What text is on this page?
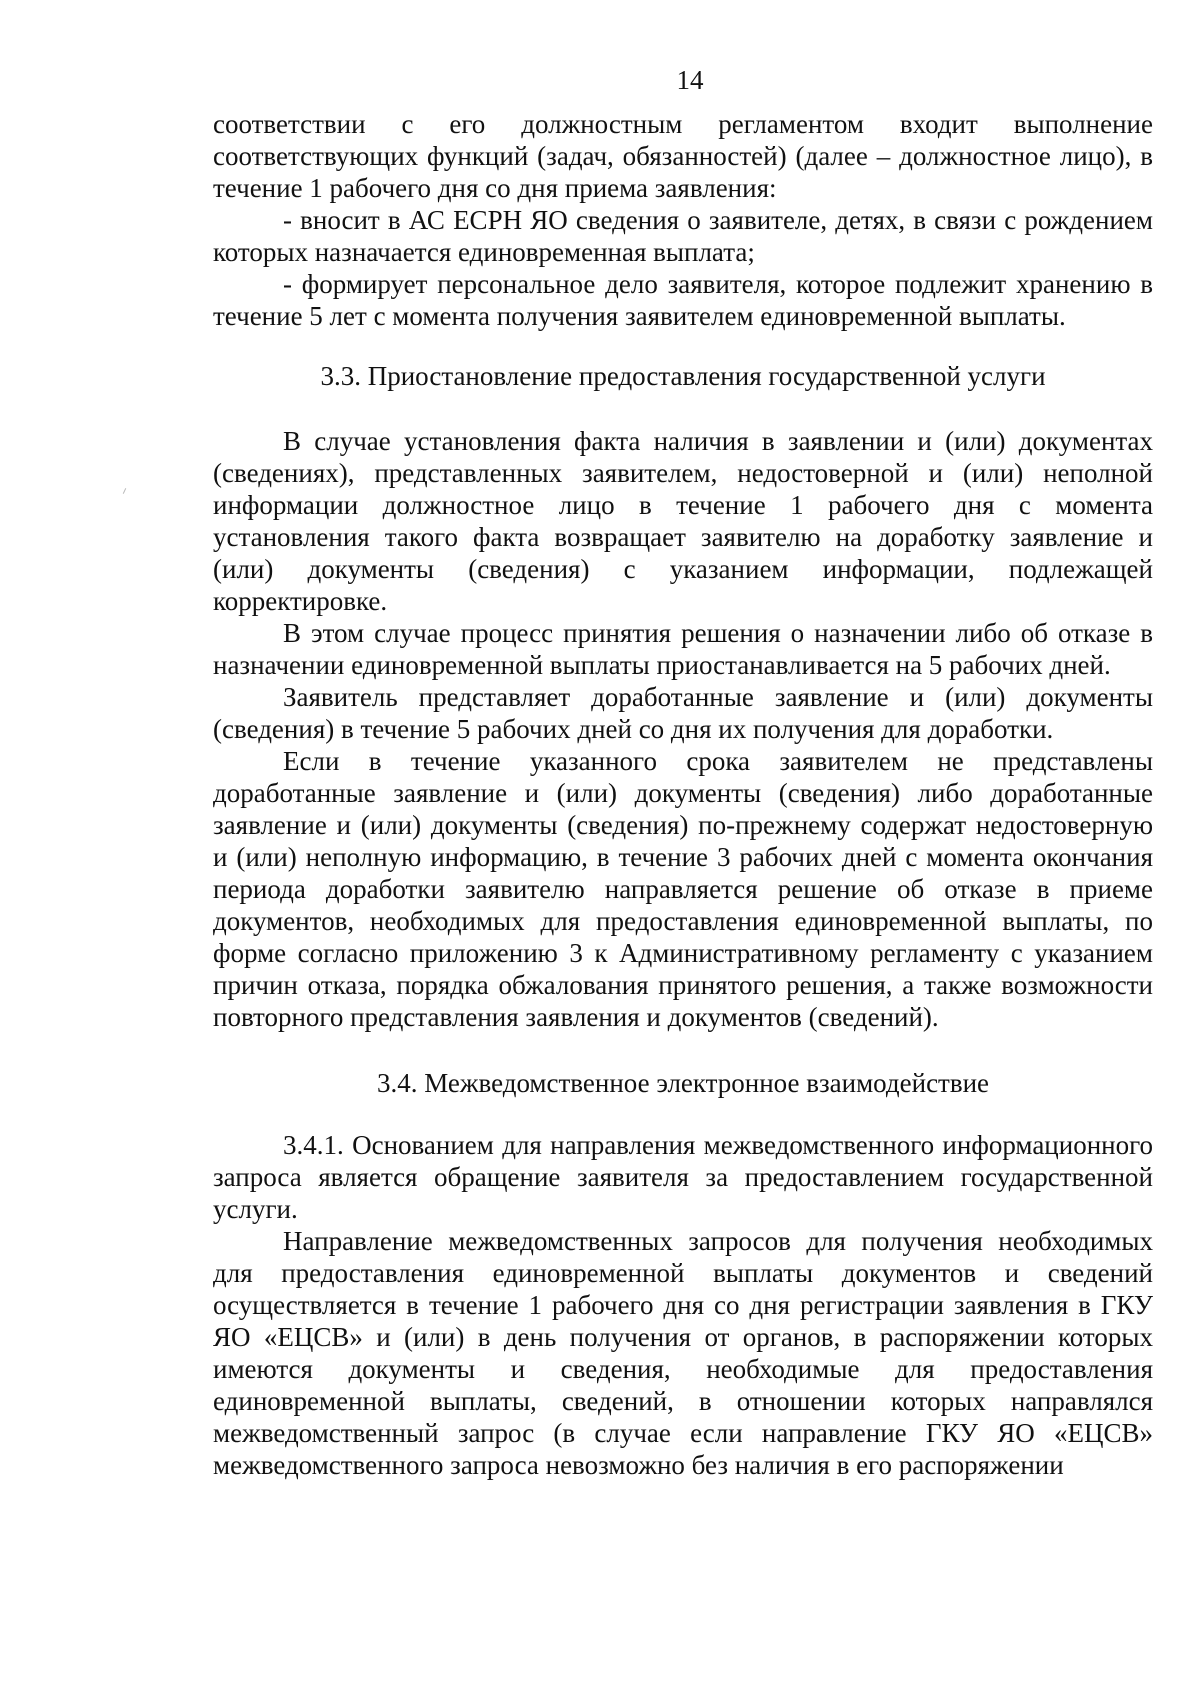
14

соответствии с его должностным регламентом входит выполнение соответствующих функций (задач, обязанностей) (далее – должностное лицо), в течение 1 рабочего дня со дня приема заявления:

- вносит в АС ЕСРН ЯО сведения о заявителе, детях, в связи с рождением которых назначается единовременная выплата;

- формирует персональное дело заявителя, которое подлежит хранению в течение 5 лет с момента получения заявителем единовременной выплаты.

3.3. Приостановление предоставления государственной услуги

В случае установления факта наличия в заявлении и (или) документах (сведениях), представленных заявителем, недостоверной и (или) неполной информации должностное лицо в течение 1 рабочего дня с момента установления такого факта возвращает заявителю на доработку заявление и (или) документы (сведения) с указанием информации, подлежащей корректировке.

В этом случае процесс принятия решения о назначении либо об отказе в назначении единовременной выплаты приостанавливается на 5 рабочих дней.

Заявитель представляет доработанные заявление и (или) документы (сведения) в течение 5 рабочих дней со дня их получения для доработки.

Если в течение указанного срока заявителем не представлены доработанные заявление и (или) документы (сведения) либо доработанные заявление и (или) документы (сведения) по-прежнему содержат недостоверную и (или) неполную информацию, в течение 3 рабочих дней с момента окончания периода доработки заявителю направляется решение об отказе в приеме документов, необходимых для предоставления единовременной выплаты, по форме согласно приложению 3 к Административному регламенту с указанием причин отказа, порядка обжалования принятого решения, а также возможности повторного представления заявления и документов (сведений).

3.4. Межведомственное электронное взаимодействие

3.4.1. Основанием для направления межведомственного информационного запроса является обращение заявителя за предоставлением государственной услуги.

Направление межведомственных запросов для получения необходимых для предоставления единовременной выплаты документов и сведений осуществляется в течение 1 рабочего дня со дня регистрации заявления в ГКУ ЯО «ЕЦСВ» и (или) в день получения от органов, в распоряжении которых имеются документы и сведения, необходимые для предоставления единовременной выплаты, сведений, в отношении которых направлялся межведомственный запрос (в случае если направление ГКУ ЯО «ЕЦСВ» межведомственного запроса невозможно без наличия в его распоряжении
